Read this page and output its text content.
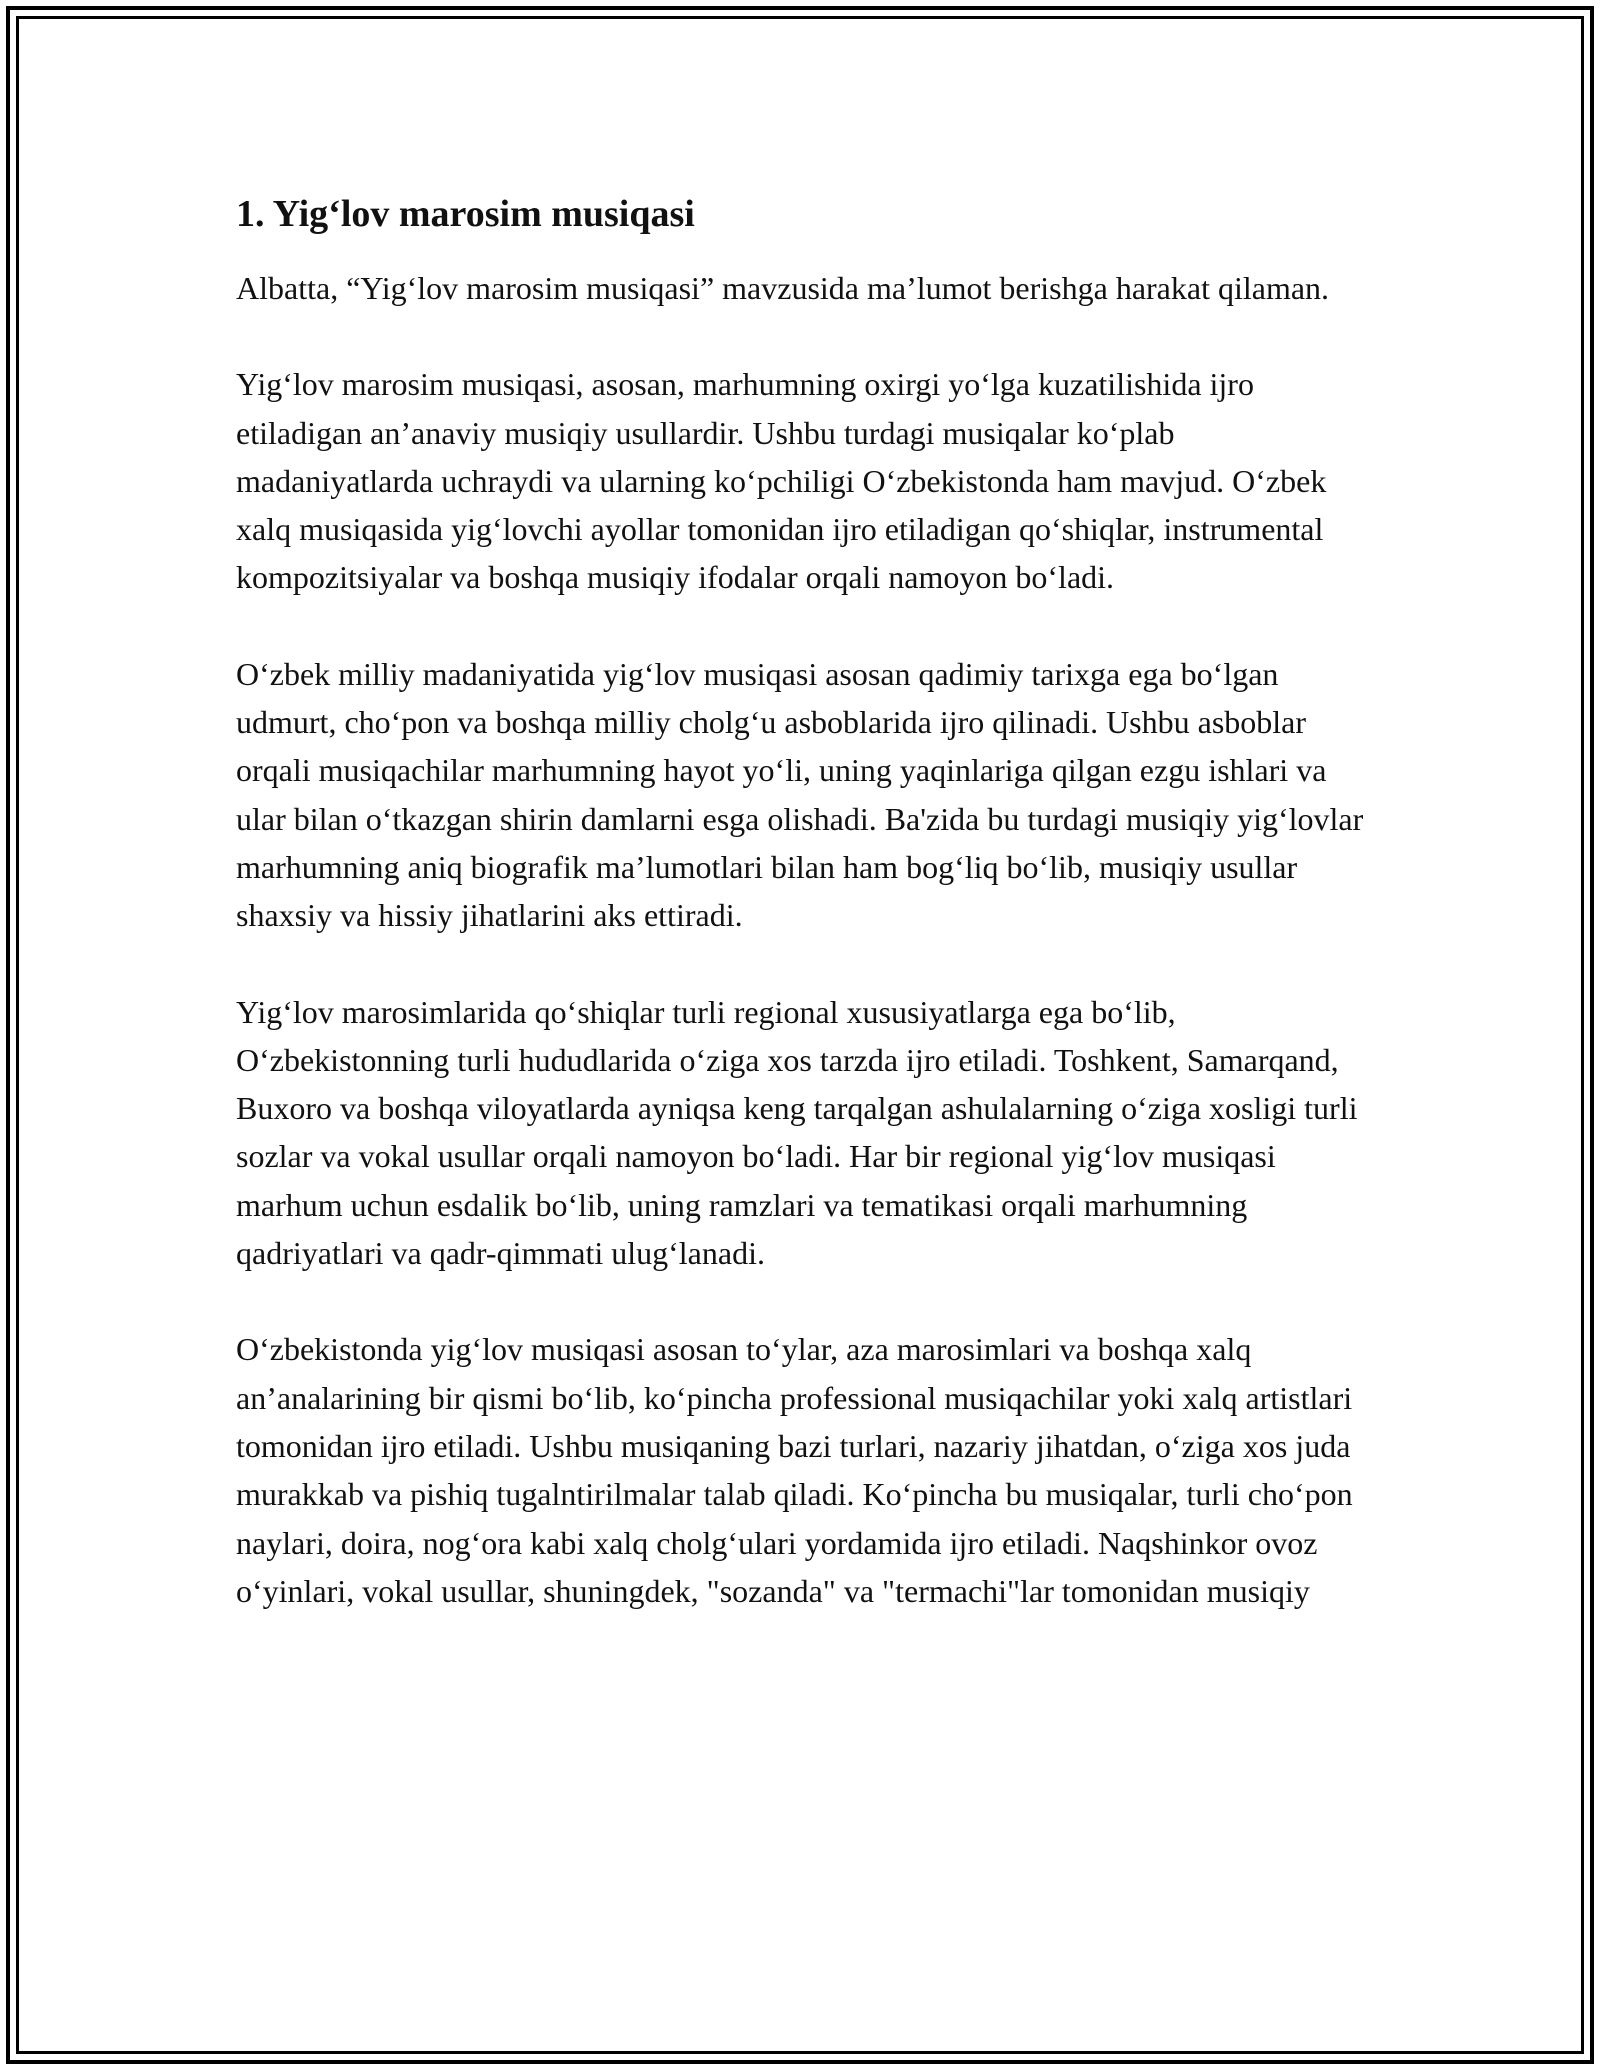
1. Yig‘lov marosim musiqasi

Albatta, “Yig‘lov marosim musiqasi” mavzusida ma’lumot berishga harakat qilaman.

Yig‘lov marosim musiqasi, asosan, marhumning oxirgi yo‘lga kuzatilishida ijro etiladigan an’anaviy musiqiy usullardir. Ushbu turdagi musiqalar ko‘plab madaniyatlarda uchraydi va ularning ko‘pchiligi O‘zbekistonda ham mavjud. O‘zbek xalq musiqasida yig‘lovchi ayollar tomonidan ijro etiladigan qo‘shiqlar, instrumental kompozitsiyalar va boshqa musiqiy ifodalar orqali namoyon bo‘ladi.

O‘zbek milliy madaniyatida yig‘lov musiqasi asosan qadimiy tarixga ega bo‘lgan udmurt, cho‘pon va boshqa milliy cholg‘u asboblarida ijro qilinadi. Ushbu asboblar orqali musiqachilar marhumning hayot yo‘li, uning yaqinlariga qilgan ezgu ishlari va ular bilan o‘tkazgan shirin damlarni esga olishadi. Ba'zida bu turdagi musiqiy yig‘lovlar marhumning aniq biografik ma’lumotlari bilan ham bog‘liq bo‘lib, musiqiy usullar shaxsiy va hissiy jihatlarini aks ettiradi.

Yig‘lov marosimlarida qo‘shiqlar turli regional xususiyatlarga ega bo‘lib, O‘zbekistonning turli hududlarida o‘ziga xos tarzda ijro etiladi. Toshkent, Samarqand, Buxoro va boshqa viloyatlarda ayniqsa keng tarqalgan ashulalarning o‘ziga xosligi turli sozlar va vokal usullar orqali namoyon bo‘ladi. Har bir regional yig‘lov musiqasi marhum uchun esdalik bo‘lib, uning ramzlari va tematikasi orqali marhumning qadriyatlari va qadr-qimmati ulug‘lanadi.

O‘zbekistonda yig‘lov musiqasi asosan to‘ylar, aza marosimlari va boshqa xalq an’analarining bir qismi bo‘lib, ko‘pincha professional musiqachilar yoki xalq artistlari tomonidan ijro etiladi. Ushbu musiqaning bazi turlari, nazariy jihatdan, o‘ziga xos juda murakkab va pishiq tugalntirilmalar talab qiladi. Ko‘pincha bu musiqalar, turli cho‘pon naylari, doira, nog‘ora kabi xalq cholg‘ulari yordamida ijro etiladi. Naqshinkor ovoz o‘yinlari, vokal usullar, shuningdek, "sozanda" va "termachi"lar tomonidan musiqiy
